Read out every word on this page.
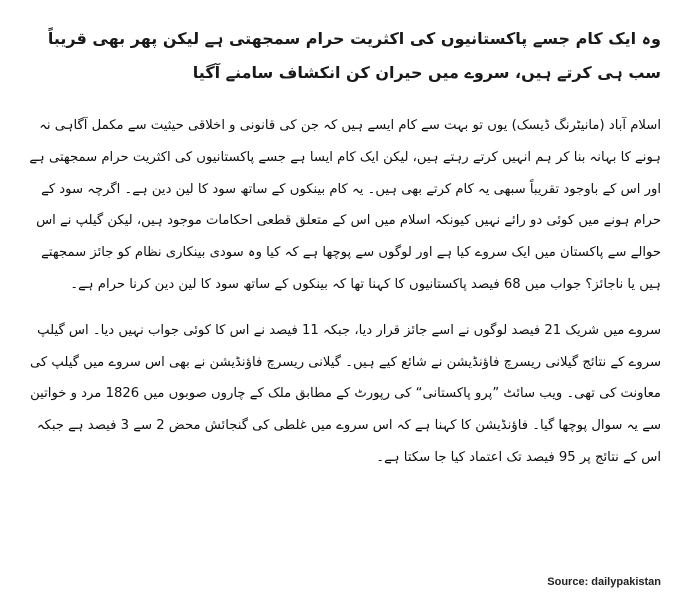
وہ ایک کام جسے پاکستانیوں کی اکثریت حرام سمجھتی ہے لیکن پھر بھی قریباً سب ہی کرتے ہیں، سروے میں حیران کن انکشاف سامنے آگیا

اسلام آباد (مانیٹرنگ ڈیسک) یوں تو بہت سے کام ایسے ہیں کہ جن کی قانونی و اخلاقی حیثیت سے مکمل آگاہی نہ ہونے کا بہانہ بنا کر ہم انہیں کرتے رہتے ہیں، لیکن ایک کام ایسا ہے جسے پاکستانیوں کی اکثریت حرام سمجھتی ہے اور اس کے باوجود تقریباً سبھی یہ کام کرتے بھی ہیں۔ یہ کام بینکوں کے ساتھ سود کا لین دین ہے۔ اگرچہ سود کے حرام ہونے میں کوئی دو رائے نہیں کیونکہ اسلام میں اس کے متعلق قطعی احکامات موجود ہیں، لیکن گیلپ نے اس حوالے سے پاکستان میں ایک سروے کیا ہے اور لوگوں سے پوچھا ہے کہ کیا وہ سودی بینکاری نظام کو جائز سمجھتے ہیں یا ناجائز؟ جواب میں 68 فیصد پاکستانیوں کا کہنا تھا کہ بینکوں کے ساتھ سود کا لین دین کرنا حرام ہے۔

سروے میں شریک 21 فیصد لوگوں نے اسے جائز قرار دیا، جبکہ 11 فیصد نے اس کا کوئی جواب نہیں دیا۔ اس گیلپ سروے کے نتائج گیلانی ریسرچ فاؤنڈیشن نے شائع کیے ہیں۔ گیلانی ریسرچ فاؤنڈیشن نے بھی اس سروے میں گیلپ کی معاونت کی تھی۔ ویب سائٹ ”پرو پاکستانی“ کی رپورٹ کے مطابق ملک کے چاروں صوبوں میں 1826 مرد و خواتین سے یہ سوال پوچھا گیا۔ فاؤنڈیشن کا کہنا ہے کہ اس سروے میں غلطی کی گنجائش محض 2 سے 3 فیصد ہے جبکہ اس کے نتائج پر 95 فیصد تک اعتماد کیا جا سکتا ہے۔

Source: dailypakistan
